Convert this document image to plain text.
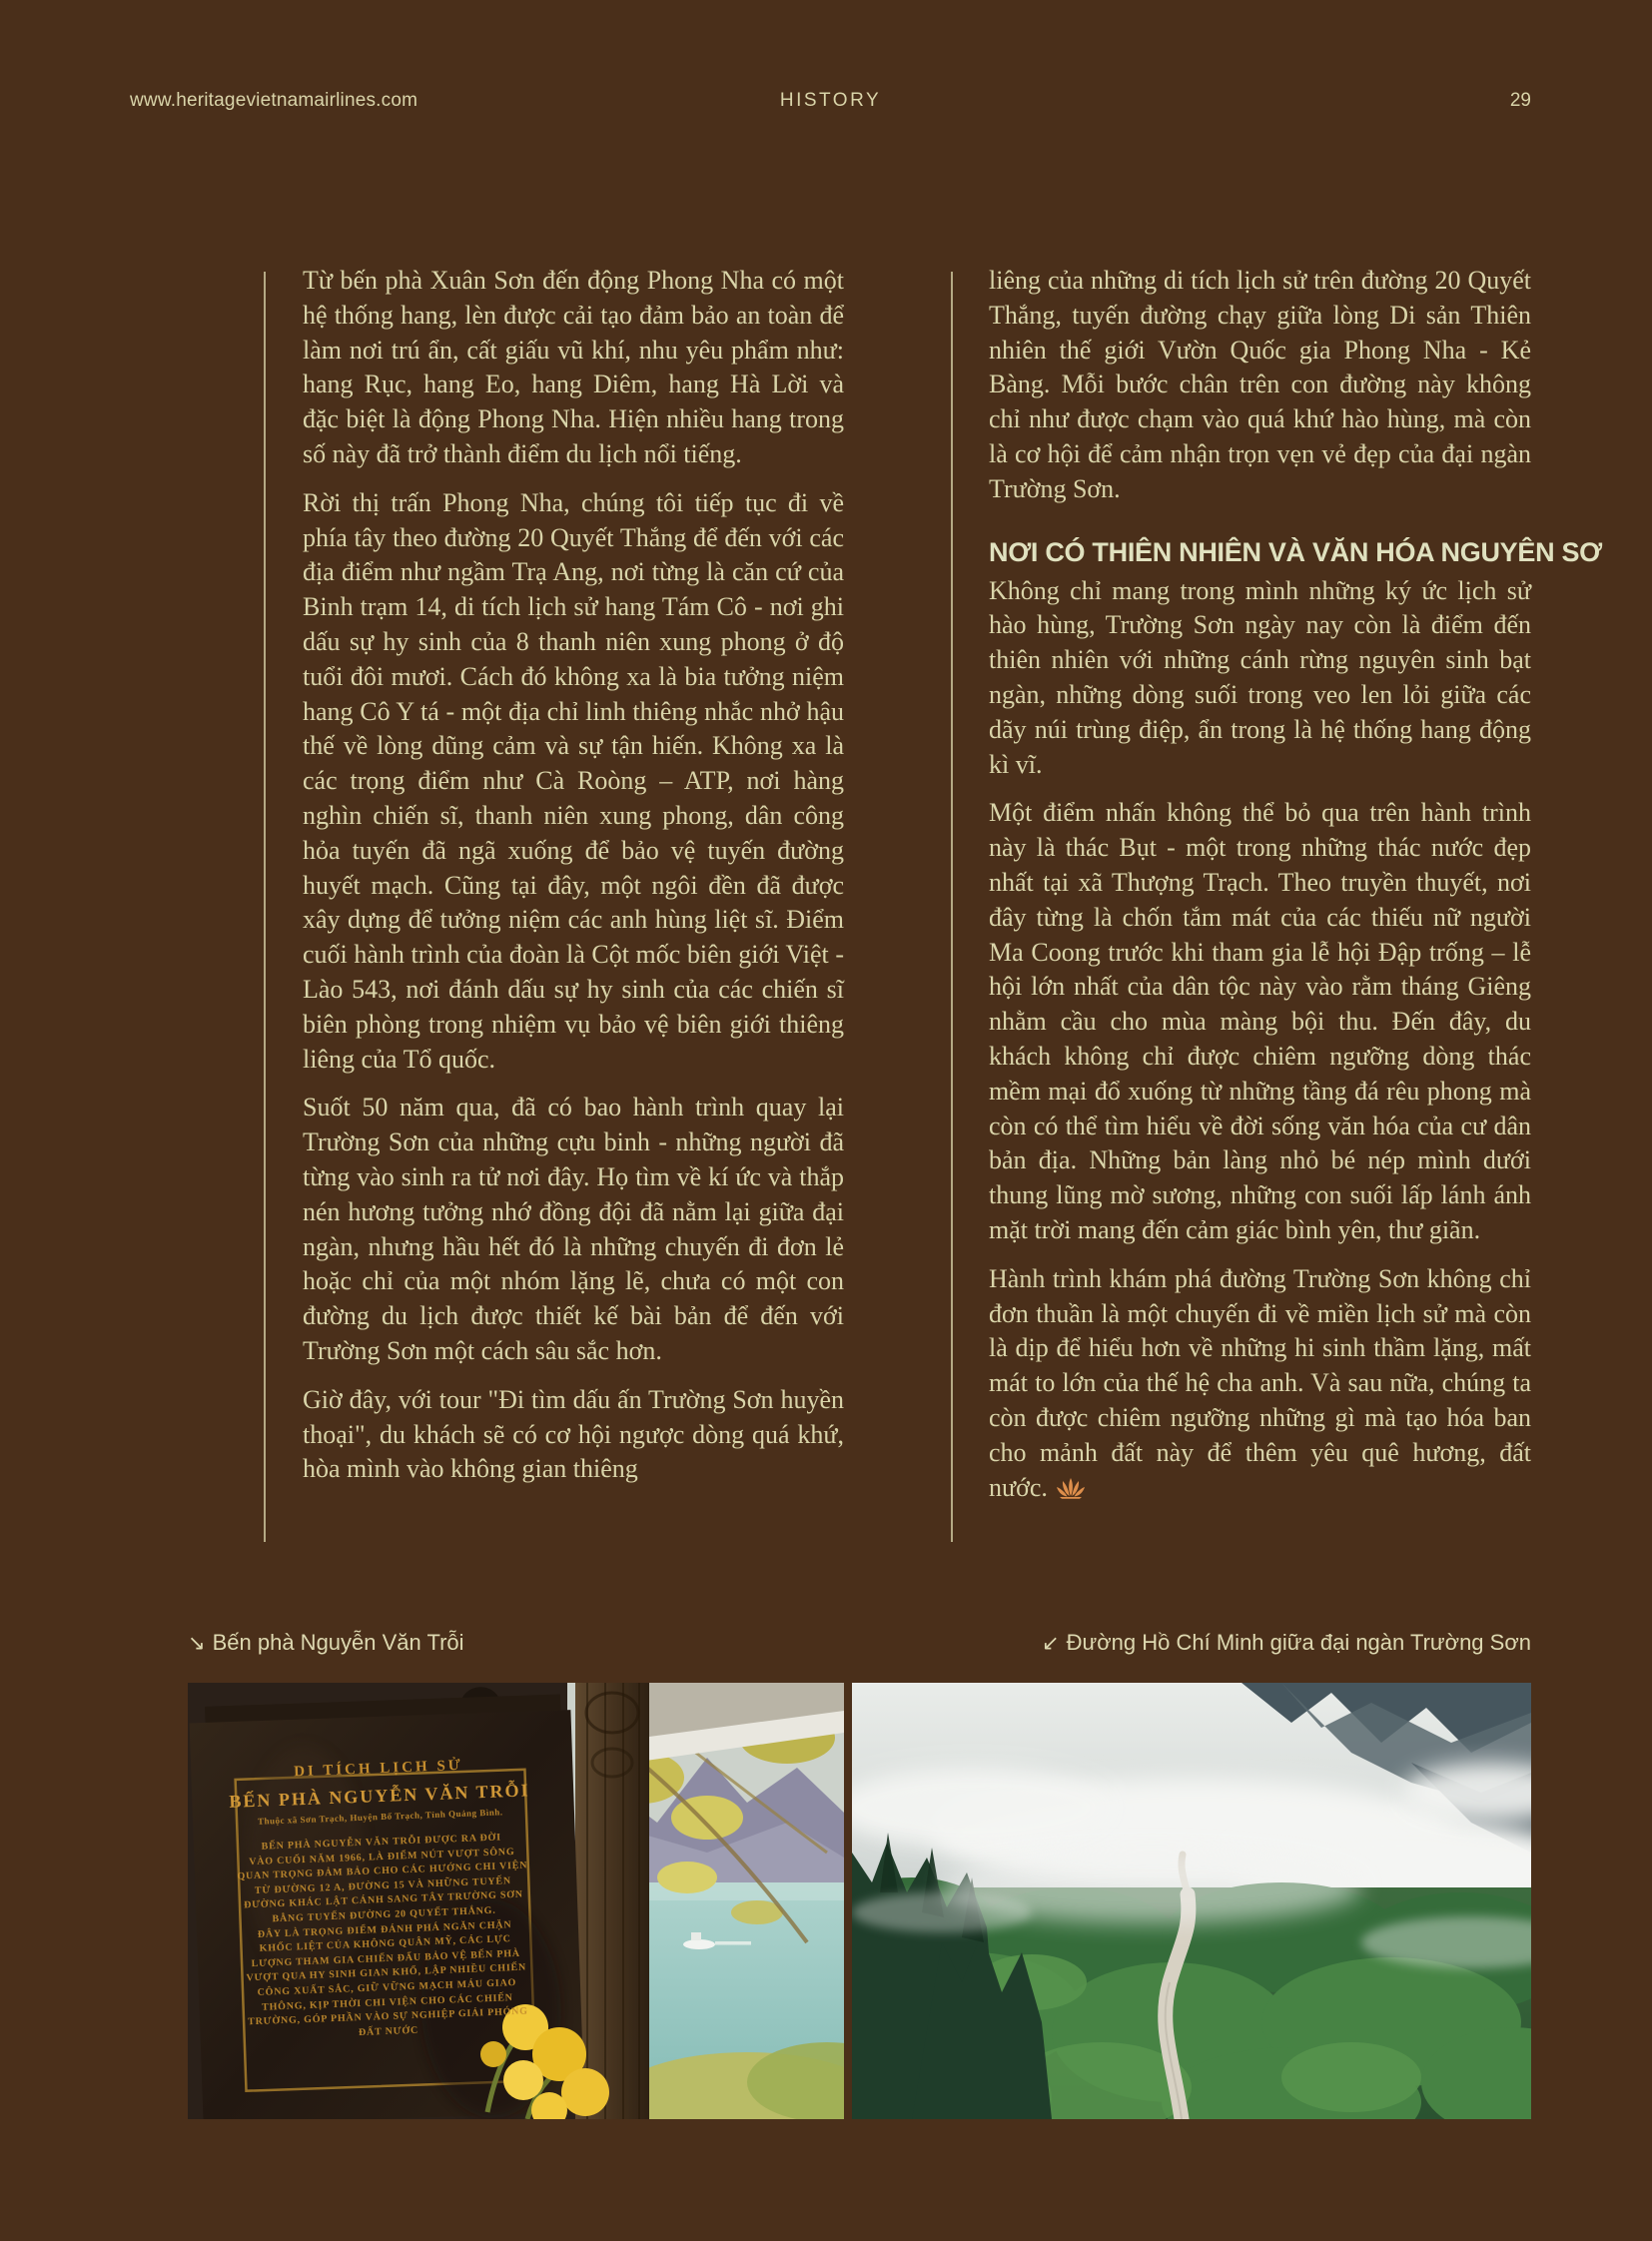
www.heritagevietnamairlines.com	HISTORY	29

Từ bến phà Xuân Sơn đến động Phong Nha có một hệ thống hang, lèn được cải tạo đảm bảo an toàn để làm nơi trú ẩn, cất giấu vũ khí, nhu yêu phẩm như: hang Rục, hang Eo, hang Diêm, hang Hà Lời và đặc biệt là động Phong Nha. Hiện nhiều hang trong số này đã trở thành điểm du lịch nổi tiếng.

Rời thị trấn Phong Nha, chúng tôi tiếp tục đi về phía tây theo đường 20 Quyết Thắng để đến với các địa điểm như ngầm Trạ Ang, nơi từng là căn cứ của Binh trạm 14, di tích lịch sử hang Tám Cô - nơi ghi dấu sự hy sinh của 8 thanh niên xung phong ở độ tuổi đôi mươi. Cách đó không xa là bia tưởng niệm hang Cô Y tá - một địa chỉ linh thiêng nhắc nhở hậu thế về lòng dũng cảm và sự tận hiến. Không xa là các trọng điểm như Cà Roòng – ATP, nơi hàng nghìn chiến sĩ, thanh niên xung phong, dân công hỏa tuyến đã ngã xuống để bảo vệ tuyến đường huyết mạch. Cũng tại đây, một ngôi đền đã được xây dựng để tưởng niệm các anh hùng liệt sĩ. Điểm cuối hành trình của đoàn là Cột mốc biên giới Việt - Lào 543, nơi đánh dấu sự hy sinh của các chiến sĩ biên phòng trong nhiệm vụ bảo vệ biên giới thiêng liêng của Tổ quốc.

Suốt 50 năm qua, đã có bao hành trình quay lại Trường Sơn của những cựu binh - những người đã từng vào sinh ra tử nơi đây. Họ tìm về kí ức và thắp nén hương tưởng nhớ đồng đội đã nằm lại giữa đại ngàn, nhưng hầu hết đó là những chuyến đi đơn lẻ hoặc chỉ của một nhóm lặng lẽ, chưa có một con đường du lịch được thiết kế bài bản để đến với Trường Sơn một cách sâu sắc hơn.

Giờ đây, với tour "Đi tìm dấu ấn Trường Sơn huyền thoại", du khách sẽ có cơ hội ngược dòng quá khứ, hòa mình vào không gian thiêng

liêng của những di tích lịch sử trên đường 20 Quyết Thắng, tuyến đường chạy giữa lòng Di sản Thiên nhiên thế giới Vườn Quốc gia Phong Nha - Kẻ Bàng. Mỗi bước chân trên con đường này không chỉ như được chạm vào quá khứ hào hùng, mà còn là cơ hội để cảm nhận trọn vẹn vẻ đẹp của đại ngàn Trường Sơn.

NƠI CÓ THIÊN NHIÊN VÀ VĂN HÓA NGUYÊN SƠ

Không chỉ mang trong mình những ký ức lịch sử hào hùng, Trường Sơn ngày nay còn là điểm đến thiên nhiên với những cánh rừng nguyên sinh bạt ngàn, những dòng suối trong veo len lỏi giữa các dãy núi trùng điệp, ẩn trong là hệ thống hang động kì vĩ.

Một điểm nhấn không thể bỏ qua trên hành trình này là thác Bụt - một trong những thác nước đẹp nhất tại xã Thượng Trạch. Theo truyền thuyết, nơi đây từng là chốn tắm mát của các thiếu nữ người Ma Coong trước khi tham gia lễ hội Đập trống – lễ hội lớn nhất của dân tộc này vào rằm tháng Giêng nhằm cầu cho mùa màng bội thu. Đến đây, du khách không chỉ được chiêm ngưỡng dòng thác mềm mại đổ xuống từ những tầng đá rêu phong mà còn có thể tìm hiểu về đời sống văn hóa của cư dân bản địa. Những bản làng nhỏ bé nép mình dưới thung lũng mờ sương, những con suối lấp lánh ánh mặt trời mang đến cảm giác bình yên, thư giãn.

Hành trình khám phá đường Trường Sơn không chỉ đơn thuần là một chuyến đi về miền lịch sử mà còn là dịp để hiểu hơn về những hi sinh thầm lặng, mất mát to lớn của thế hệ cha anh. Và sau nữa, chúng ta còn được chiêm ngưỡng những gì mà tạo hóa ban cho mảnh đất này để thêm yêu quê hương, đất nước.

↘ Bến phà Nguyễn Văn Trỗi	↙ Đường Hồ Chí Minh giữa đại ngàn Trường Sơn
DI TÍCH LỊCH SỬ
BẾN PHÀ NGUYỄN VĂN TRỖI
Thuộc xã Sơn Trạch, Huyện Bố Trạch, Tỉnh Quảng Bình.
BẾN PHÀ NGUYỄN VĂN TRỖI ĐƯỢC RA ĐỜI
VÀO CUỐI NĂM 1966, LÀ ĐIỂM NÚT VƯỢT SÔNG
QUAN TRỌNG ĐẢM BẢO CHO CÁC HƯỚNG CHI VIỆN
TỪ ĐƯỜNG 12 A, ĐƯỜNG 15 VÀ NHỮNG TUYẾN
ĐƯỜNG KHÁC LẬT CÁNH SANG TÂY TRƯỜNG SƠN
BẰNG TUYẾN ĐƯỜNG 20 QUYẾT THẮNG.
ĐÂY LÀ TRỌNG ĐIỂM ĐÁNH PHÁ NGĂN CHẶN
KHỐC LIỆT CỦA KHÔNG QUÂN MỸ, CÁC LỰC
LƯỢNG THAM GIA CHIẾN ĐẤU BẢO VỆ BẾN PHÀ
VƯỢT QUA HY SINH GIAN KHỔ, LẬP NHIỀU CHIẾN
CÔNG XUẤT SẮC, GIỮ VỮNG MẠCH MÁU GIAO
THÔNG, KỊP THỜI CHI VIỆN CHO CÁC CHIẾN
TRƯỜNG, GÓP PHẦN VÀO SỰ NGHIỆP GIẢI PHÓNG
ĐẤT NƯỚC
